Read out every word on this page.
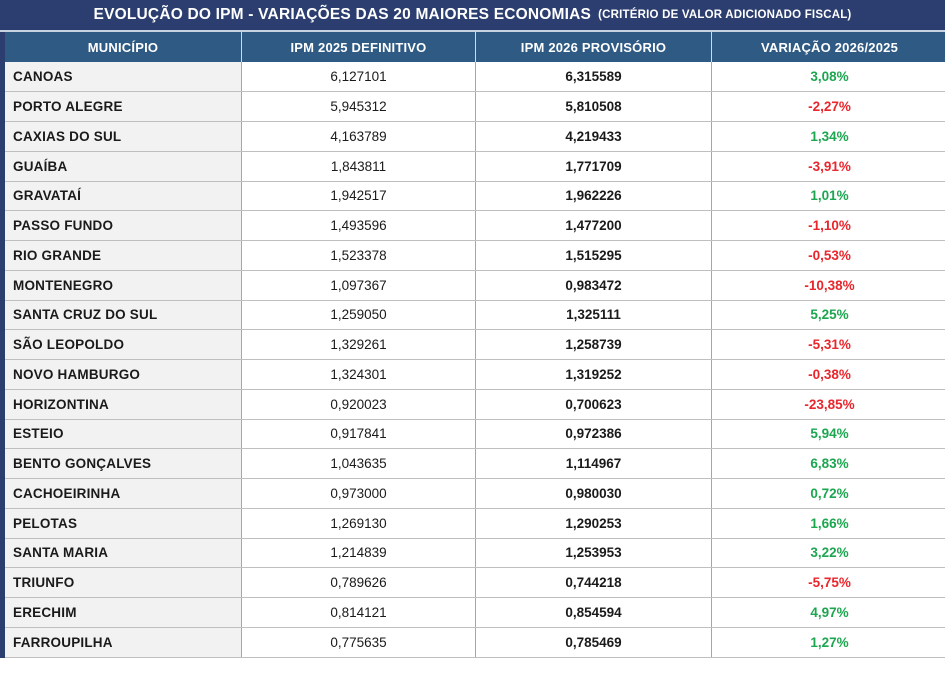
EVOLUÇÃO DO IPM - VARIAÇÕES DAS 20 MAIORES ECONOMIAS (CRITÉRIO DE VALOR ADICIONADO FISCAL)
MUNICÍPIO	IPM 2025 DEFINITIVO	IPM 2026 PROVISÓRIO	VARIAÇÃO 2026/2025
CANOAS	6,127101	6,315589	3,08%
PORTO ALEGRE	5,945312	5,810508	-2,27%
CAXIAS DO SUL	4,163789	4,219433	1,34%
GUAÍBA	1,843811	1,771709	-3,91%
GRAVATAÍ	1,942517	1,962226	1,01%
PASSO FUNDO	1,493596	1,477200	-1,10%
RIO GRANDE	1,523378	1,515295	-0,53%
MONTENEGRO	1,097367	0,983472	-10,38%
SANTA CRUZ DO SUL	1,259050	1,325111	5,25%
SÃO LEOPOLDO	1,329261	1,258739	-5,31%
NOVO HAMBURGO	1,324301	1,319252	-0,38%
HORIZONTINA	0,920023	0,700623	-23,85%
ESTEIO	0,917841	0,972386	5,94%
BENTO GONÇALVES	1,043635	1,114967	6,83%
CACHOEIRINHA	0,973000	0,980030	0,72%
PELOTAS	1,269130	1,290253	1,66%
SANTA MARIA	1,214839	1,253953	3,22%
TRIUNFO	0,789626	0,744218	-5,75%
ERECHIM	0,814121	0,854594	4,97%
FARROUPILHA	0,775635	0,785469	1,27%
